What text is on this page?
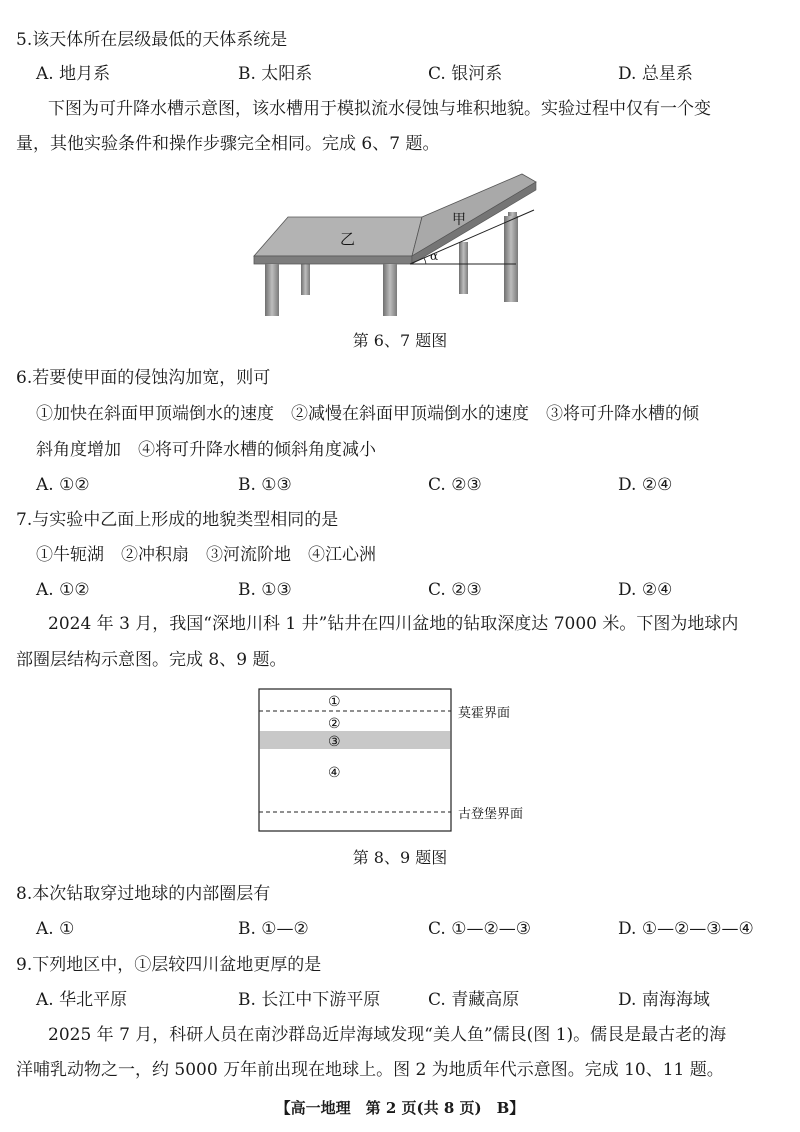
5.该天体所在层级最低的天体系统是
A. 地月系	B. 太阳系	C. 银河系	D. 总星系
下图为可升降水槽示意图，该水槽用于模拟流水侵蚀与堆积地貌。实验过程中仅有一个变
量，其他实验条件和操作步骤完全相同。完成 6、7 题。
乙
甲
α
第 6、7 题图
6.若要使甲面的侵蚀沟加宽，则可
①加快在斜面甲顶端倒水的速度　②减慢在斜面甲顶端倒水的速度　③将可升降水槽的倾
斜角度增加　④将可升降水槽的倾斜角度减小
A. ①②	B. ①③	C. ②③	D. ②④
7.与实验中乙面上形成的地貌类型相同的是
①牛轭湖　②冲积扇　③河流阶地　④江心洲
A. ①②	B. ①③	C. ②③	D. ②④
2024 年 3 月，我国“深地川科 1 井”钻井在四川盆地的钻取深度达 7000 米。下图为地球内
部圈层结构示意图。完成 8、9 题。
①
②
③
④
莫霍界面
古登堡界面
第 8、9 题图
8.本次钻取穿过地球的内部圈层有
A. ①	B. ①—②	C. ①—②—③	D. ①—②—③—④
9.下列地区中，①层较四川盆地更厚的是
A. 华北平原	B. 长江中下游平原	C. 青藏高原	D. 南海海域
2025 年 7 月，科研人员在南沙群岛近岸海域发现“美人鱼”儒艮(图 1)。儒艮是最古老的海
洋哺乳动物之一，约 5000 万年前出现在地球上。图 2 为地质年代示意图。完成 10、11 题。
【高一地理　第 2 页(共 8 页)　B】
